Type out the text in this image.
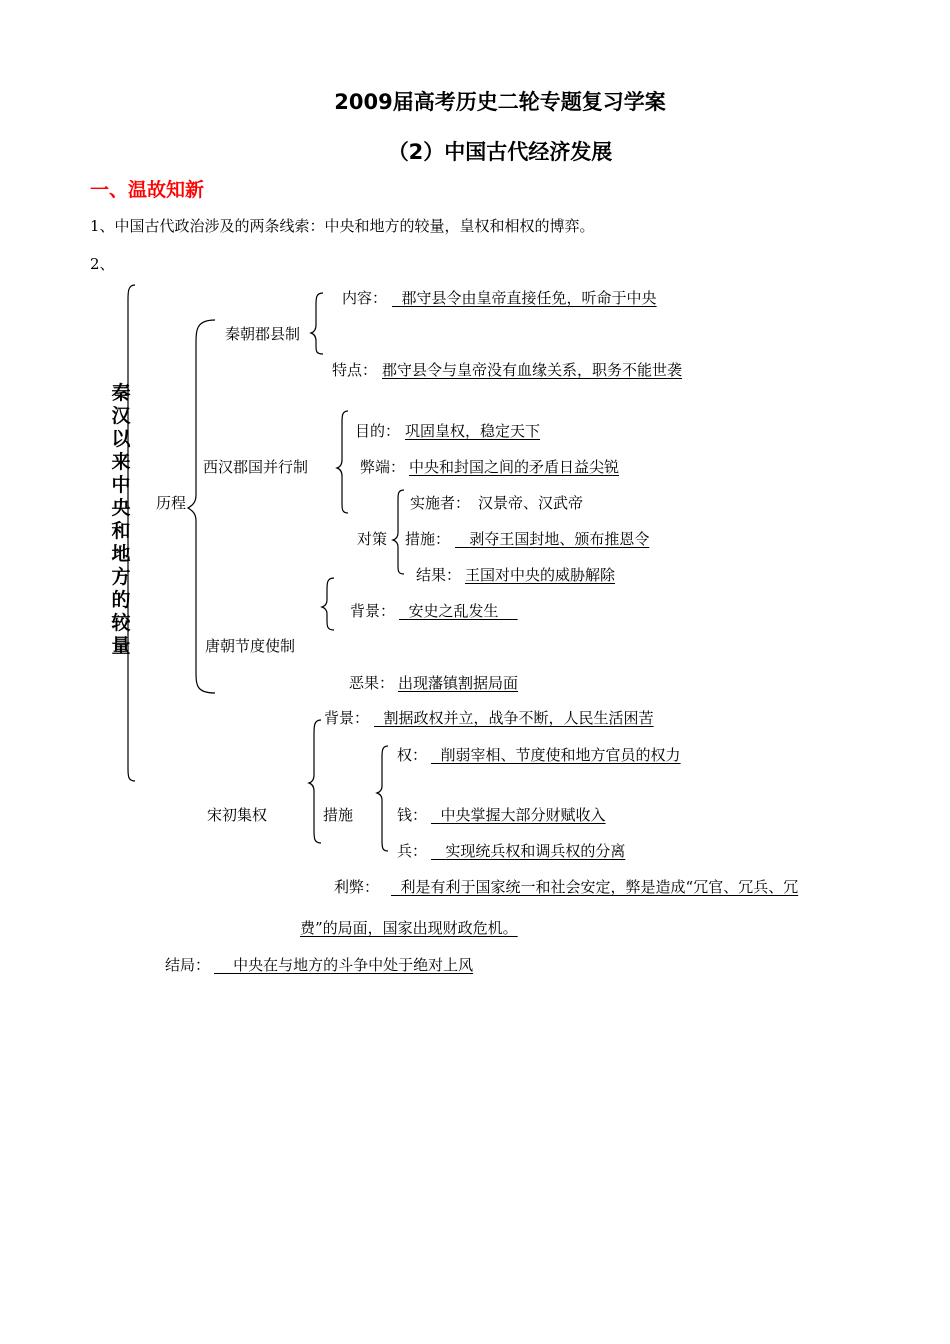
2009届高考历史二轮专题复习学案
（2）中国古代经济发展
一、温故知新
1、中国古代政治涉及的两条线索：中央和地方的较量，皇权和相权的博弈。
2、
秦汉以来中央和地方的较量
历程
秦朝郡县制
内容： 郡守县令由皇帝直接任免，听命于中央
特点： 郡守县令与皇帝没有血缘关系，职务不能世袭
西汉郡国并行制
目的： 巩固皇权，稳定天下
弊端： 中央和封国之间的矛盾日益尖锐
对策
实施者： 汉景帝、汉武帝
措施：	剥夺王国封地、颁布推恩令
结果： 王国对中央的威胁解除
唐朝节度使制
背景： 安史之乱发生
恶果： 出现藩镇割据局面
宋初集权
背景： 割据政权并立，战争不断，人民生活困苦
措施
权： 削弱宰相、节度使和地方官员的权力
钱： 中央掌握大部分财赋收入
兵：	实现统兵权和调兵权的分离
利弊：	利是有利于国家统一和社会安定，弊是造成“冗官、冗兵、冗
费”的局面，国家出现财政危机。
结局：	中央在与地方的斗争中处于绝对上风
